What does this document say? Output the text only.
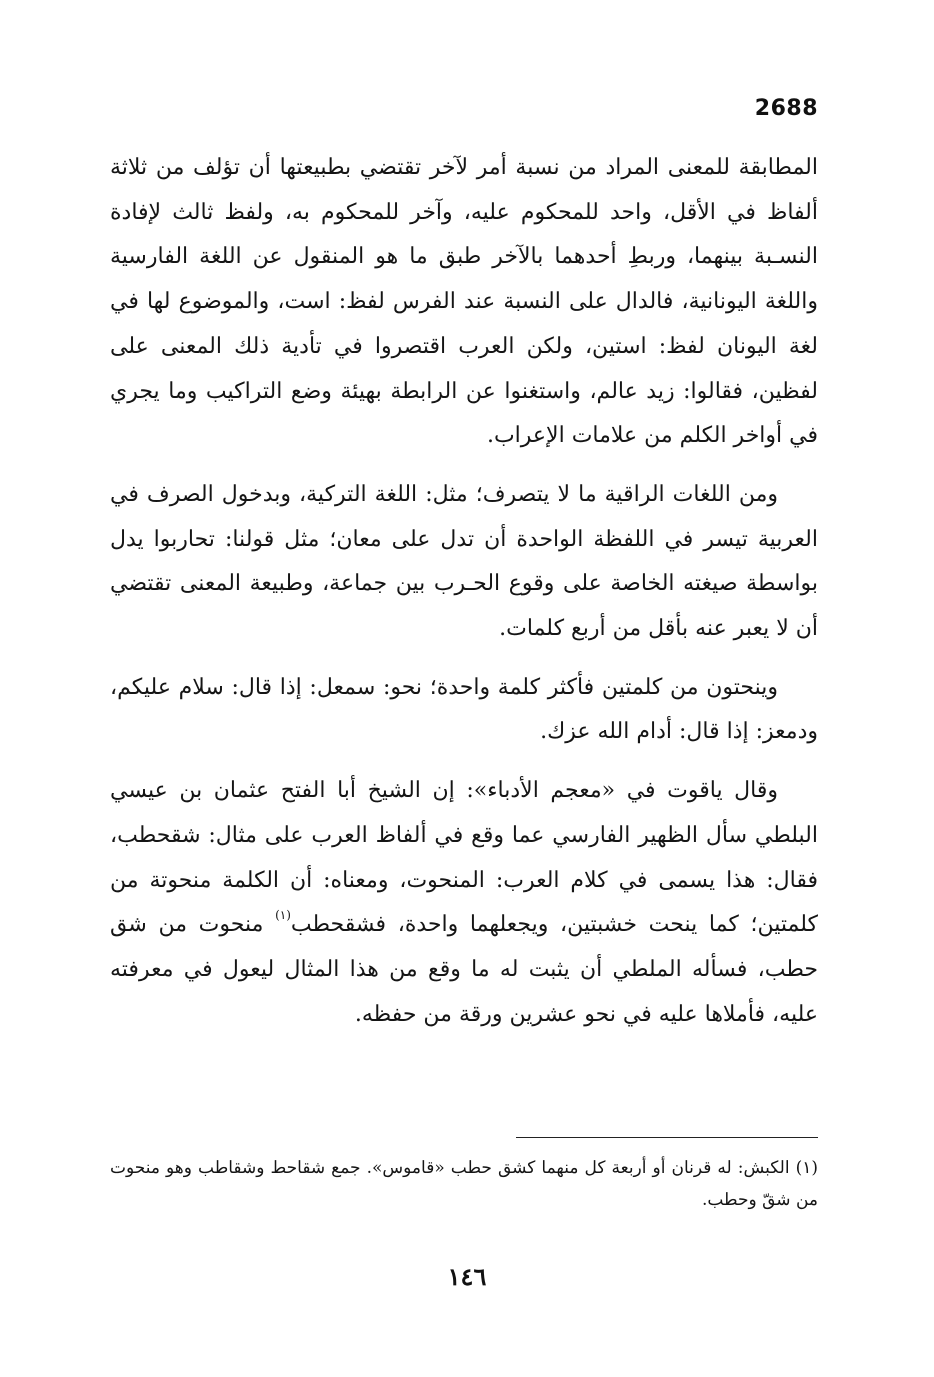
2688

المطابقة للمعنى المراد من نسبة أمر لآخر تقتضي بطبيعتها أن تؤلف من ثلاثة ألفاظ في الأقل، واحد للمحكوم عليه، وآخر للمحكوم به، ولفظ ثالث لإفادة النسـبة بينهما، وربطِ أحدهما بالآخر طبق ما هو المنقول عن اللغة الفارسية واللغة اليونانية، فالدال على النسبة عند الفرس لفظ: است، والموضوع لها في لغة اليونان لفظ: استين، ولكن العرب اقتصروا في تأدية ذلك المعنى على لفظين، فقالوا: زيد عالم، واستغنوا عن الرابطة بهيئة وضع التراكيب وما يجري في أواخر الكلم من علامات الإعراب.

ومن اللغات الراقية ما لا يتصرف؛ مثل: اللغة التركية، وبدخول الصرف في العربية تيسر في اللفظة الواحدة أن تدل على معان؛ مثل قولنا: تحاربوا يدل بواسطة صيغته الخاصة على وقوع الحـرب بين جماعة، وطبيعة المعنى تقتضي أن لا يعبر عنه بأقل من أربع كلمات.

وينحتون من كلمتين فأكثر كلمة واحدة؛ نحو: سمعل: إذا قال: سلام عليكم، ودمعز: إذا قال: أدام الله عزك.

وقال ياقوت في «معجم الأدباء»: إن الشيخ أبا الفتح عثمان بن عيسي البلطي سأل الظهير الفارسي عما وقع في ألفاظ العرب على مثال: شقحطب، فقال: هذا يسمى في كلام العرب: المنحوت، ومعناه: أن الكلمة منحوتة من كلمتين؛ كما ينحت خشبتين، ويجعلهما واحدة، فشقحطب$^{(١)}$ منحوت من شق حطب، فسأله الملطي أن يثبت له ما وقع من هذا المثال ليعول في معرفته عليه، فأملاها عليه في نحو عشرين ورقة من حفظه.

(١) الكبش: له قرنان أو أربعة كل منهما كشق حطب «قاموس». جمع شقاحط وشقاطب وهو منحوت من شقّ وحطب.

١٤٦
